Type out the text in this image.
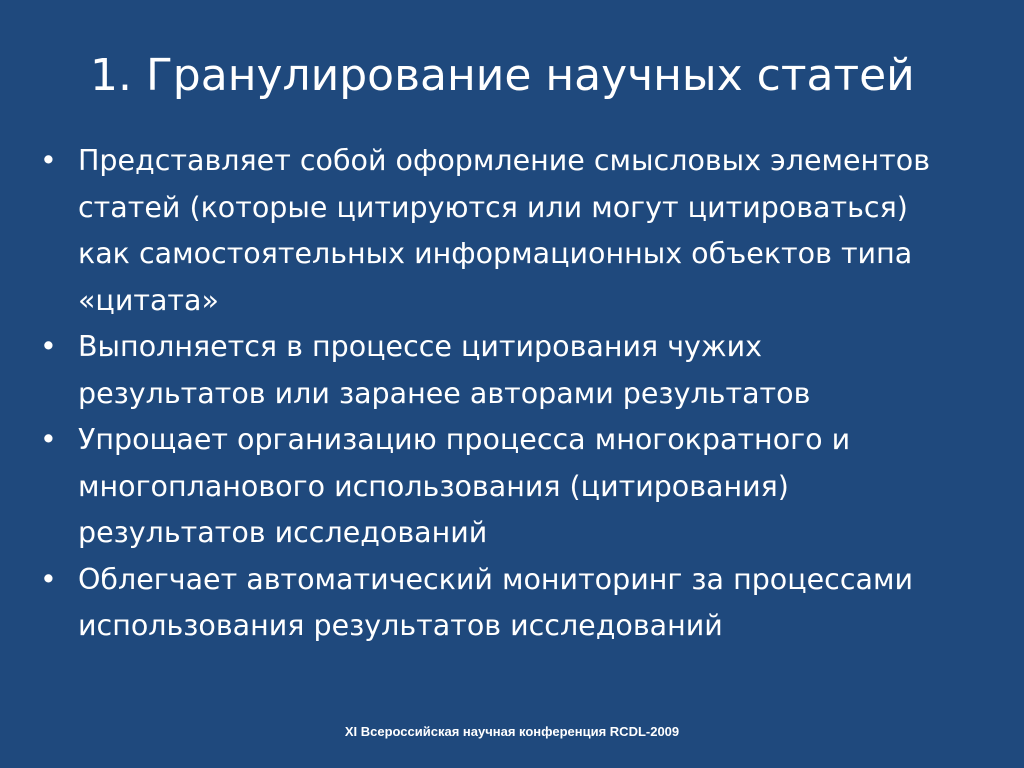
1. Гранулирование научных статей
• Представляет собой оформление смысловых элементов статей (которые цитируются или могут цитироваться) как самостоятельных информационных объектов типа «цитата»
• Выполняется в процессе цитирования чужих результатов или заранее авторами результатов
• Упрощает организацию процесса многократного и многопланового использования (цитирования) результатов исследований
• Облегчает автоматический мониторинг за процессами использования результатов исследований
XI Всероссийская научная конференция RCDL-2009
